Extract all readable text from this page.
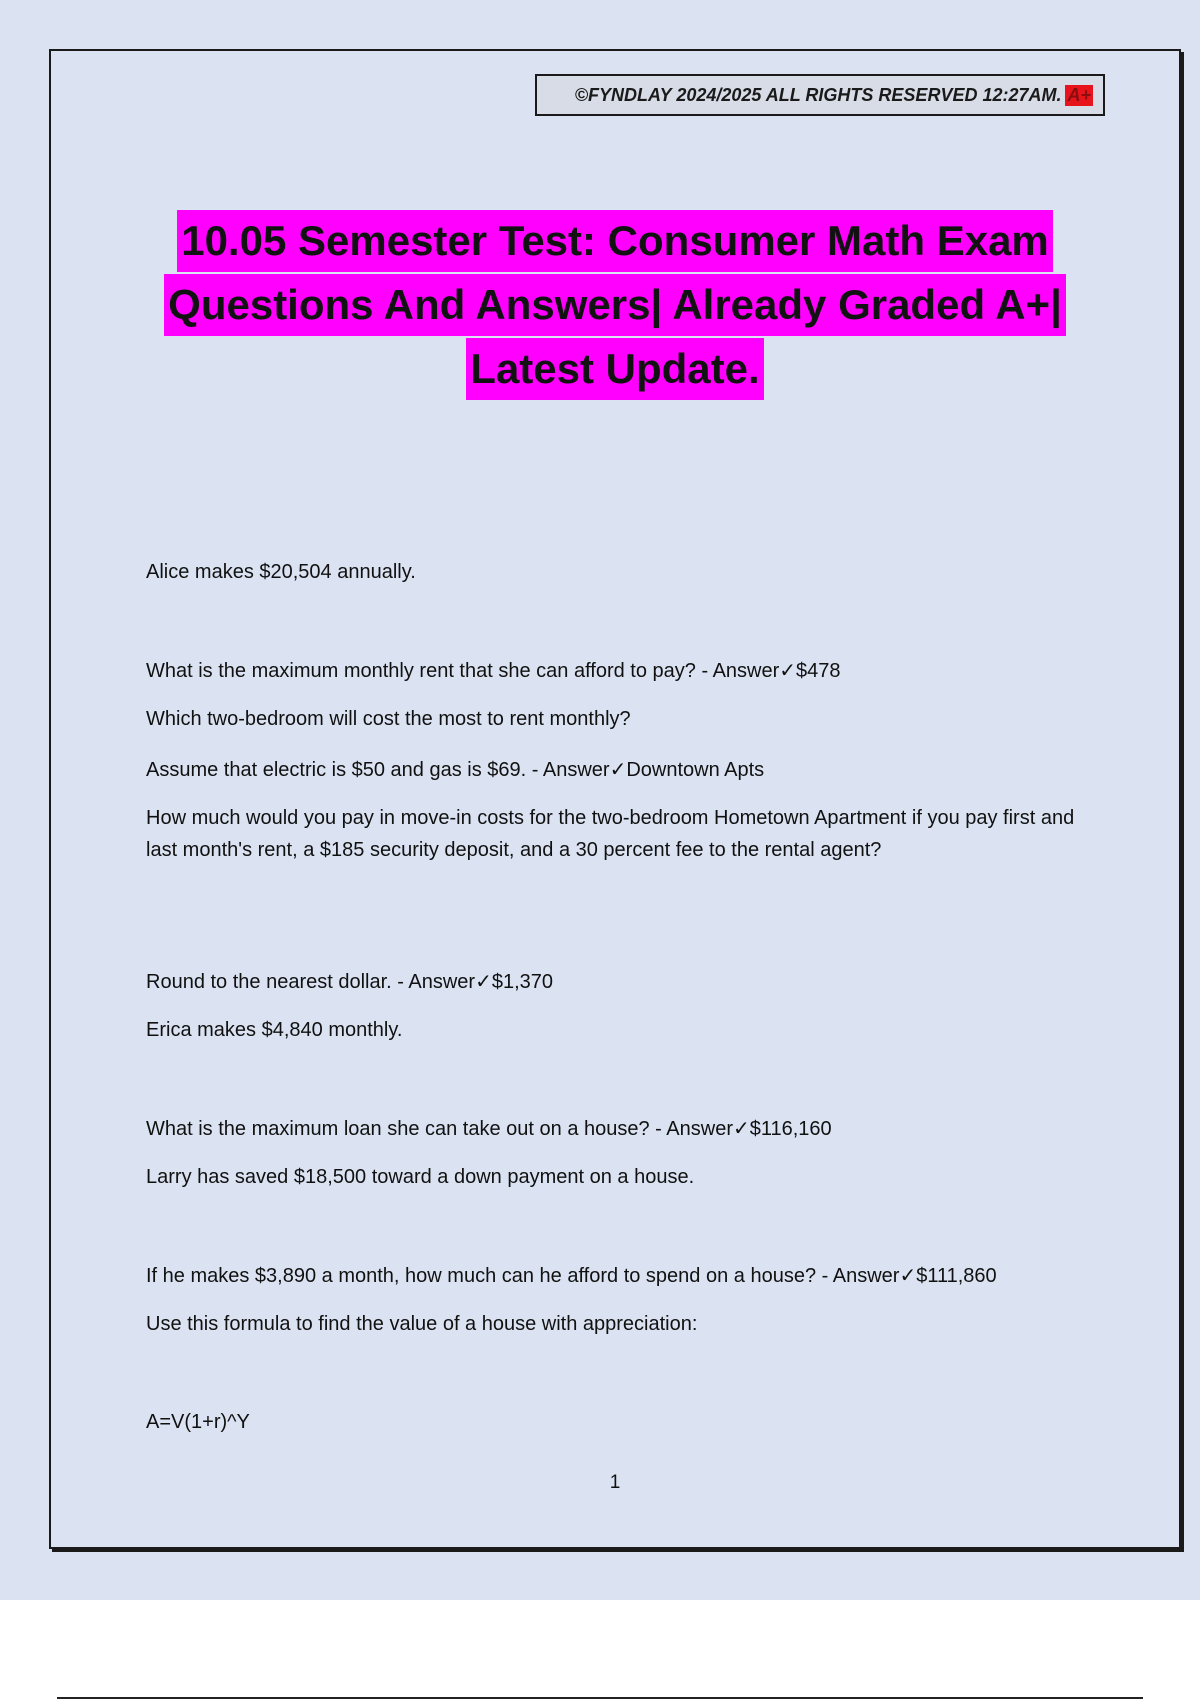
©FYNDLAY 2024/2025 ALL RIGHTS RESERVED 12:27AM. A+
10.05 Semester Test: Consumer Math Exam
Questions And Answers| Already Graded A+|
Latest Update.

Alice makes $20,504 annually.

What is the maximum monthly rent that she can afford to pay? - Answer✓$478

Which two-bedroom will cost the most to rent monthly?

Assume that electric is $50 and gas is $69. - Answer✓Downtown Apts

How much would you pay in move-in costs for the two-bedroom Hometown Apartment if you pay first and last month's rent, a $185 security deposit, and a 30 percent fee to the rental agent?

Round to the nearest dollar. - Answer✓$1,370

Erica makes $4,840 monthly.

What is the maximum loan she can take out on a house? - Answer✓$116,160

Larry has saved $18,500 toward a down payment on a house.

If he makes $3,890 a month, how much can he afford to spend on a house? - Answer✓$111,860

Use this formula to find the value of a house with appreciation:

A=V(1+r)^Y

1
